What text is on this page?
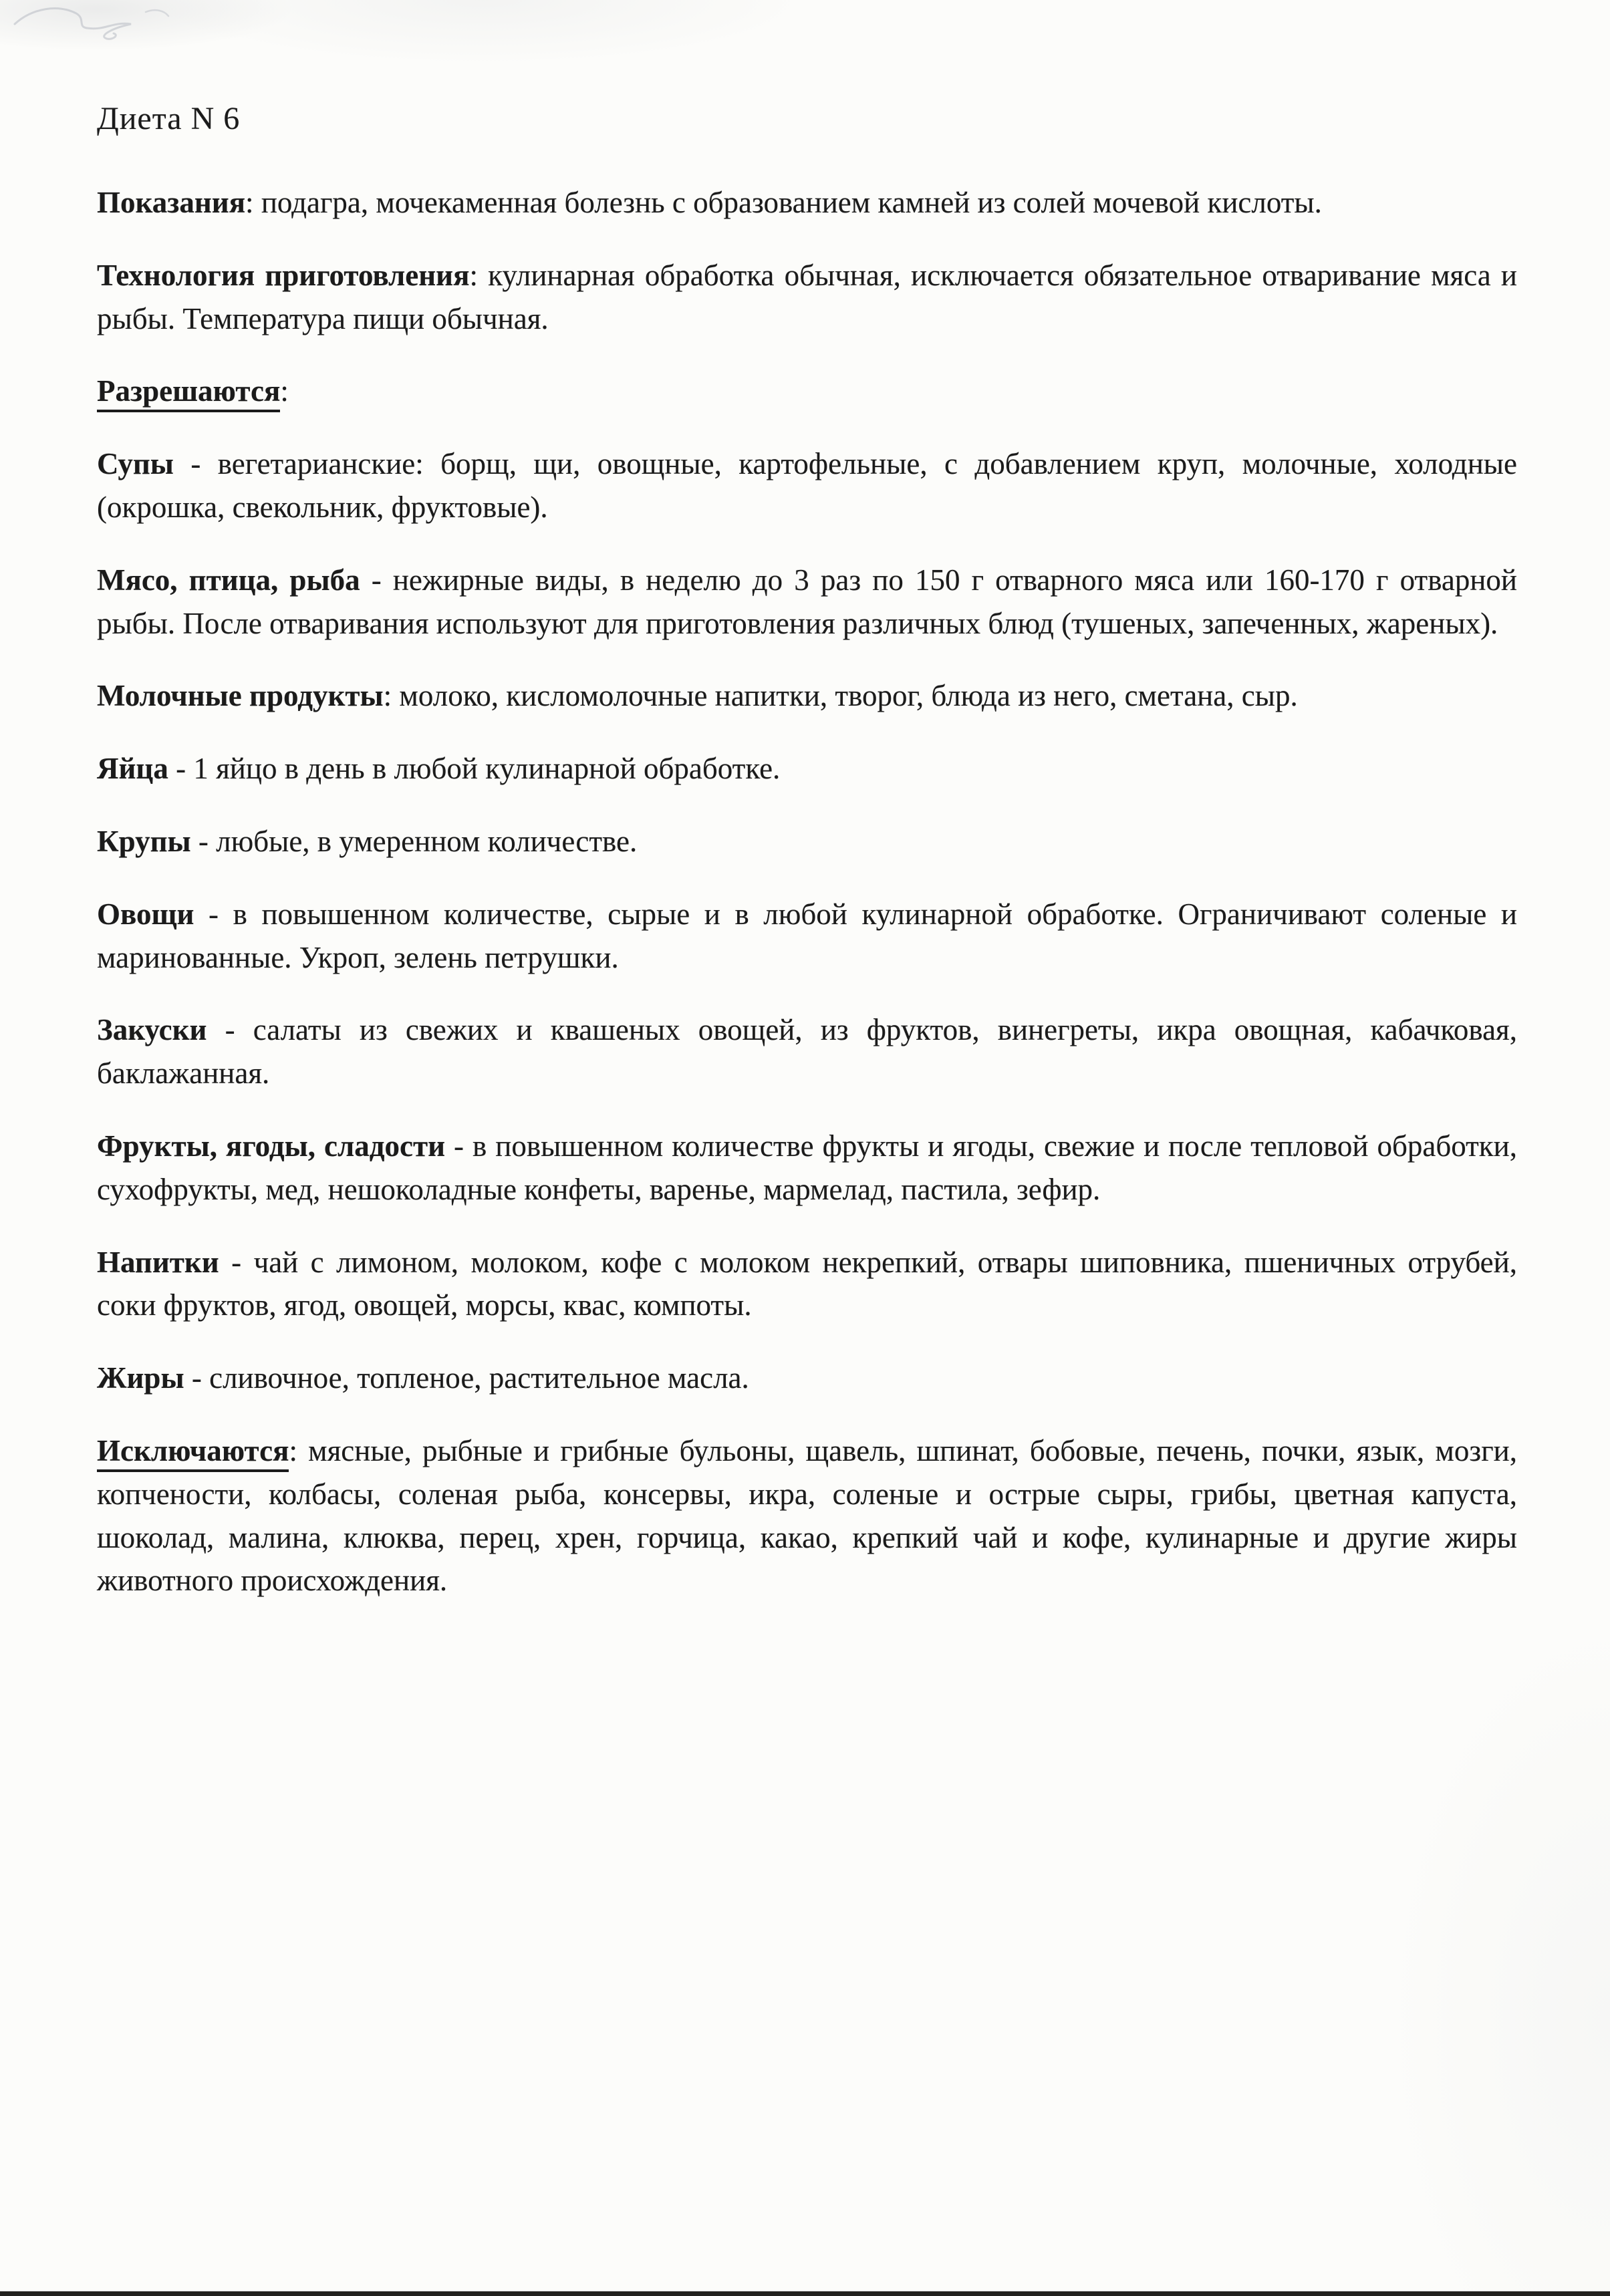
Диета N 6

Показания: подагра, мочекаменная болезнь с образованием камней из солей мочевой кислоты.

Технология приготовления: кулинарная обработка обычная, исключается обязательное отваривание мяса и рыбы. Температура пищи обычная.

Разрешаются:

Супы - вегетарианские: борщ, щи, овощные, картофельные, с добавлением круп, молочные, холодные (окрошка, свекольник, фруктовые).

Мясо, птица, рыба - нежирные виды, в неделю до 3 раз по 150 г отварного мяса или 160-170 г отварной рыбы. После отваривания используют для приготовления различных блюд (тушеных, запеченных, жареных).

Молочные продукты: молоко, кисломолочные напитки, творог, блюда из него, сметана, сыр.

Яйца - 1 яйцо в день в любой кулинарной обработке.

Крупы - любые, в умеренном количестве.

Овощи - в повышенном количестве, сырые и в любой кулинарной обработке. Ограничивают соленые и маринованные. Укроп, зелень петрушки.

Закуски - салаты из свежих и квашеных овощей, из фруктов, винегреты, икра овощная, кабачковая, баклажанная.

Фрукты, ягоды, сладости - в повышенном количестве фрукты и ягоды, свежие и после тепловой обработки, сухофрукты, мед, нешоколадные конфеты, варенье, мармелад, пастила, зефир.

Напитки - чай с лимоном, молоком, кофе с молоком некрепкий, отвары шиповника, пшеничных отрубей, соки фруктов, ягод, овощей, морсы, квас, компоты.

Жиры - сливочное, топленое, растительное масла.

Исключаются: мясные, рыбные и грибные бульоны, щавель, шпинат, бобовые, печень, почки, язык, мозги, копчености, колбасы, соленая рыба, консервы, икра, соленые и острые сыры, грибы, цветная капуста, шоколад, малина, клюква, перец, хрен, горчица, какао, крепкий чай и кофе, кулинарные и другие жиры животного происхождения.
